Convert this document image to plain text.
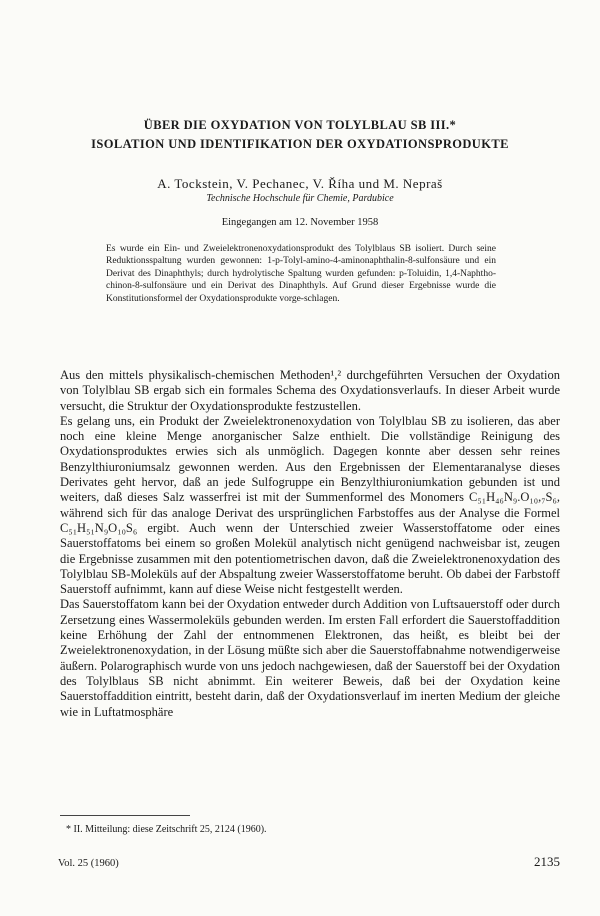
ÜBER DIE OXYDATION VON TOLYLBLAU SB III.*
ISOLATION UND IDENTIFIKATION DER OXYDATIONSPRODUKTE
A. Tockstein, V. Pechanec, V. Říha und M. Nepraš
Technische Hochschule für Chemie, Pardubice
Eingegangen am 12. November 1958

Es wurde ein Ein- und Zweielektronenoxydationsprodukt des Tolylblaus SB isoliert. Durch seine Reduktionsspaltung wurden gewonnen: 1-p-Tolyl-amino-4-aminonaphthalin-8-sulfonsäure und ein Derivat des Dinaphthyls; durch hydrolytische Spaltung wurden gefunden: p-Toluidin, 1,4-Naphtho-chinon-8-sulfonsäure und ein Derivat des Dinaphthyls. Auf Grund dieser Ergebnisse wurde die Konstitutionsformel der Oxydationsprodukte vorge-schlagen.

Aus den mittels physikalisch-chemischen Methoden¹,² durchgeführten Versuchen der Oxydation von Tolylblau SB ergab sich ein formales Schema des Oxydationsverlaufs. In dieser Arbeit wurde versucht, die Struktur der Oxydationsprodukte festzustellen.

Es gelang uns, ein Produkt der Zweielektronenoxydation von Tolylblau SB zu isolieren, das aber noch eine kleine Menge anorganischer Salze enthielt. Die vollständige Reinigung des Oxydationsproduktes erwies sich als unmöglich. Dagegen konnte aber dessen sehr reines Benzylthiuroniumsalz gewonnen werden. Aus den Ergebnissen der Elementaranalyse dieses Derivates geht hervor, daß an jede Sulfogruppe ein Benzylthiuroniumkation gebunden ist und weiters, daß dieses Salz wasserfrei ist mit der Summenformel des Monomers C₅₁H₄₆N₉.O₁₀,₇S₆, während sich für das analoge Derivat des ursprünglichen Farbstoffes aus der Analyse die Formel C₅₁H₅₁N₉O₁₀S₆ ergibt. Auch wenn der Unterschied zweier Wasserstoffatome oder eines Sauerstoffatoms bei einem so großen Molekül analytisch nicht genügend nachweisbar ist, zeugen die Ergebnisse zusammen mit den potentiometrischen davon, daß die Zweielektronenoxydation des Tolylblau SB-Moleküls auf der Abspaltung zweier Wasserstoffatome beruht. Ob dabei der Farbstoff Sauerstoff aufnimmt, kann auf diese Weise nicht festgestellt werden.

Das Sauerstoffatom kann bei der Oxydation entweder durch Addition von Luftsauerstoff oder durch Zersetzung eines Wassermoleküls gebunden werden. Im ersten Fall erfordert die Sauerstoffaddition keine Erhöhung der Zahl der entnommenen Elektronen, das heißt, es bleibt bei der Zweielektronenoxydation, in der Lösung müßte sich aber die Sauerstoffabnahme notwendigerweise äußern. Polarographisch wurde von uns jedoch nachgewiesen, daß der Sauerstoff bei der Oxydation des Tolylblaus SB nicht abnimmt. Ein weiterer Beweis, daß bei der Oxydation keine Sauerstoffaddition eintritt, besteht darin, daß der Oxydationsverlauf im inerten Medium der gleiche wie in Luftatmosphäre

* II. Mitteilung: diese Zeitschrift 25, 2124 (1960).
Vol. 25 (1960)	2135
